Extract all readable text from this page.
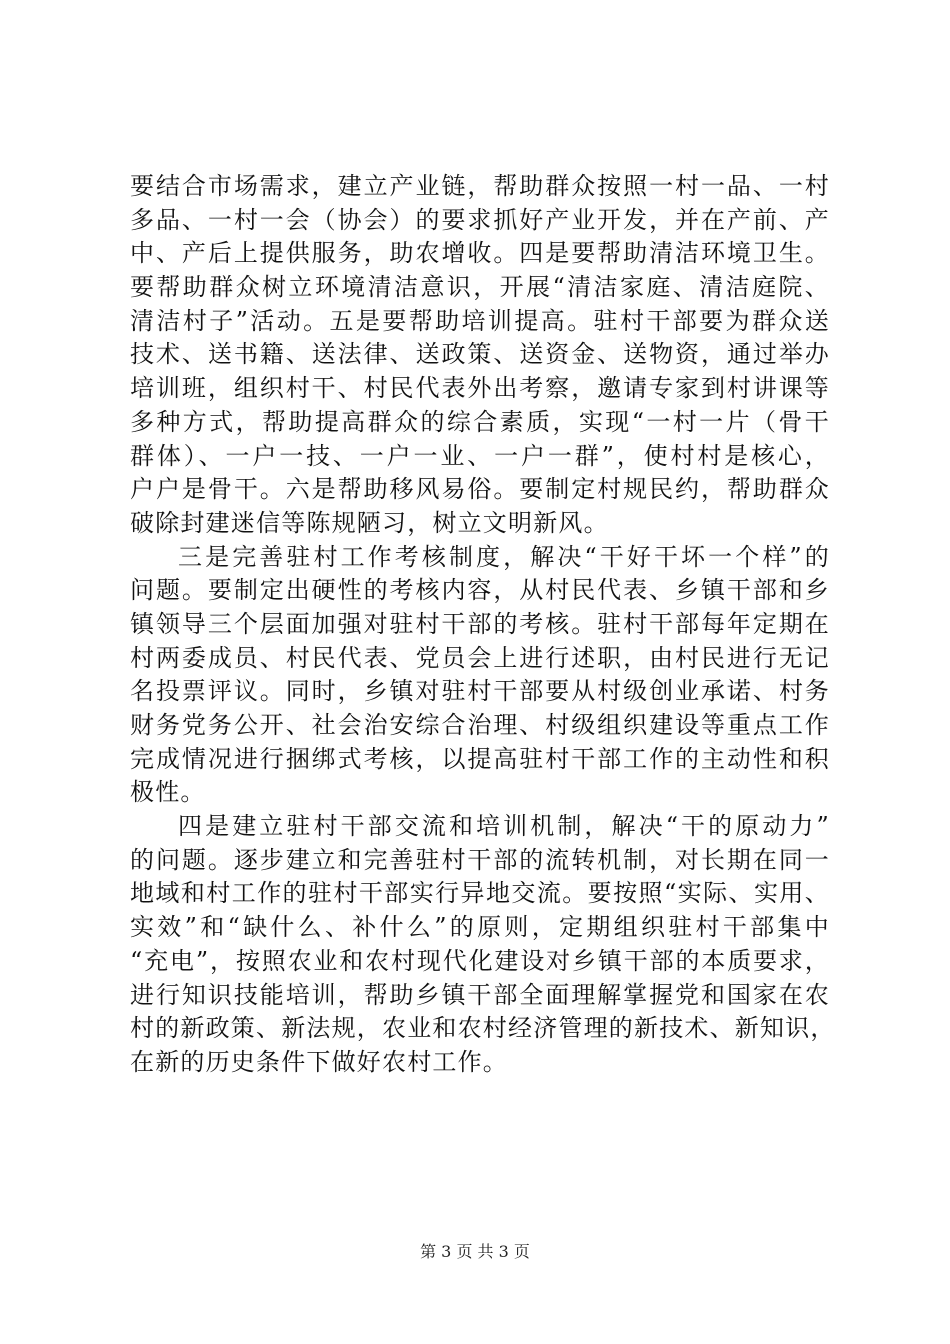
要结合市场需求，建立产业链，帮助群众按照一村一品、一村
多品、一村一会（协会）的要求抓好产业开发，并在产前、产
中、产后上提供服务，助农增收。四是要帮助清洁环境卫生。
要帮助群众树立环境清洁意识，开展“清洁家庭、清洁庭院、
清洁村子”活动。五是要帮助培训提高。驻村干部要为群众送
技术、送书籍、送法律、送政策、送资金、送物资，通过举办
培训班，组织村干、村民代表外出考察，邀请专家到村讲课等
多种方式，帮助提高群众的综合素质，实现“一村一片（骨干
群体）、一户一技、一户一业、一户一群”，使村村是核心，
户户是骨干。六是帮助移风易俗。要制定村规民约，帮助群众
破除封建迷信等陈规陋习，树立文明新风。
三是完善驻村工作考核制度，解决“干好干坏一个样”的
问题。要制定出硬性的考核内容，从村民代表、乡镇干部和乡
镇领导三个层面加强对驻村干部的考核。驻村干部每年定期在
村两委成员、村民代表、党员会上进行述职，由村民进行无记
名投票评议。同时，乡镇对驻村干部要从村级创业承诺、村务
财务党务公开、社会治安综合治理、村级组织建设等重点工作
完成情况进行捆绑式考核，以提高驻村干部工作的主动性和积
极性。
四是建立驻村干部交流和培训机制，解决“干的原动力”
的问题。逐步建立和完善驻村干部的流转机制，对长期在同一
地域和村工作的驻村干部实行异地交流。要按照“实际、实用、
实效”和“缺什么、补什么”的原则，定期组织驻村干部集中
“充电”，按照农业和农村现代化建设对乡镇干部的本质要求，
进行知识技能培训，帮助乡镇干部全面理解掌握党和国家在农
村的新政策、新法规，农业和农村经济管理的新技术、新知识，
在新的历史条件下做好农村工作。
第 3 页 共 3 页
